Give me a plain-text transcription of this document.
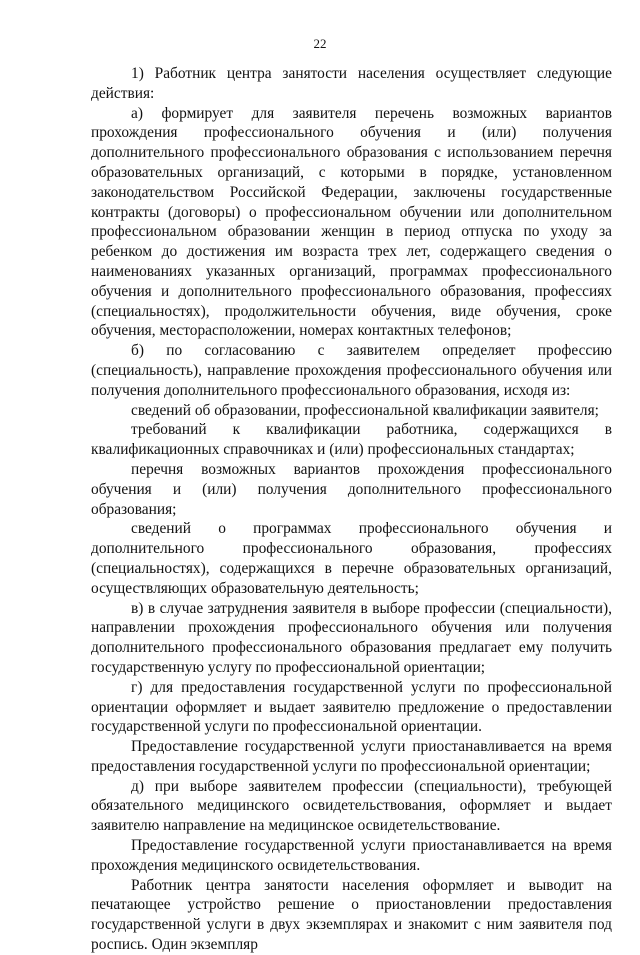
22

1) Работник центра занятости населения осуществляет следующие действия:

а) формирует для заявителя перечень возможных вариантов прохождения профессионального обучения и (или) получения дополнительного профессионального образования с использованием перечня образовательных организаций, с которыми в порядке, установленном законодательством Российской Федерации, заключены государственные контракты (договоры) о профессиональном обучении или дополнительном профессиональном образовании женщин в период отпуска по уходу за ребенком до достижения им возраста трех лет, содержащего сведения о наименованиях указанных организаций, программах профессионального обучения и дополнительного профессионального образования, профессиях (специальностях), продолжительности обучения, виде обучения, сроке обучения, месторасположении, номерах контактных телефонов;

б) по согласованию с заявителем определяет профессию (специальность), направление прохождения профессионального обучения или получения дополнительного профессионального образования, исходя из:

сведений об образовании, профессиональной квалификации заявителя;

требований к квалификации работника, содержащихся в квалификационных справочниках и (или) профессиональных стандартах;

перечня возможных вариантов прохождения профессионального обучения и (или) получения дополнительного профессионального образования;

сведений о программах профессионального обучения и дополнительного профессионального образования, профессиях (специальностях), содержащихся в перечне образовательных организаций, осуществляющих образовательную деятельность;

в) в случае затруднения заявителя в выборе профессии (специальности), направлении прохождения профессионального обучения или получения дополнительного профессионального образования предлагает ему получить государственную услугу по профессиональной ориентации;

г) для предоставления государственной услуги по профессиональной ориентации оформляет и выдает заявителю предложение о предоставлении государственной услуги по профессиональной ориентации.

Предоставление государственной услуги приостанавливается на время предоставления государственной услуги по профессиональной ориентации;

д) при выборе заявителем профессии (специальности), требующей обязательного медицинского освидетельствования, оформляет и выдает заявителю направление на медицинское освидетельствование.

Предоставление государственной услуги приостанавливается на время прохождения медицинского освидетельствования.

Работник центра занятости населения оформляет и выводит на печатающее устройство решение о приостановлении предоставления государственной услуги в двух экземплярах и знакомит с ним заявителя под роспись. Один экземпляр
